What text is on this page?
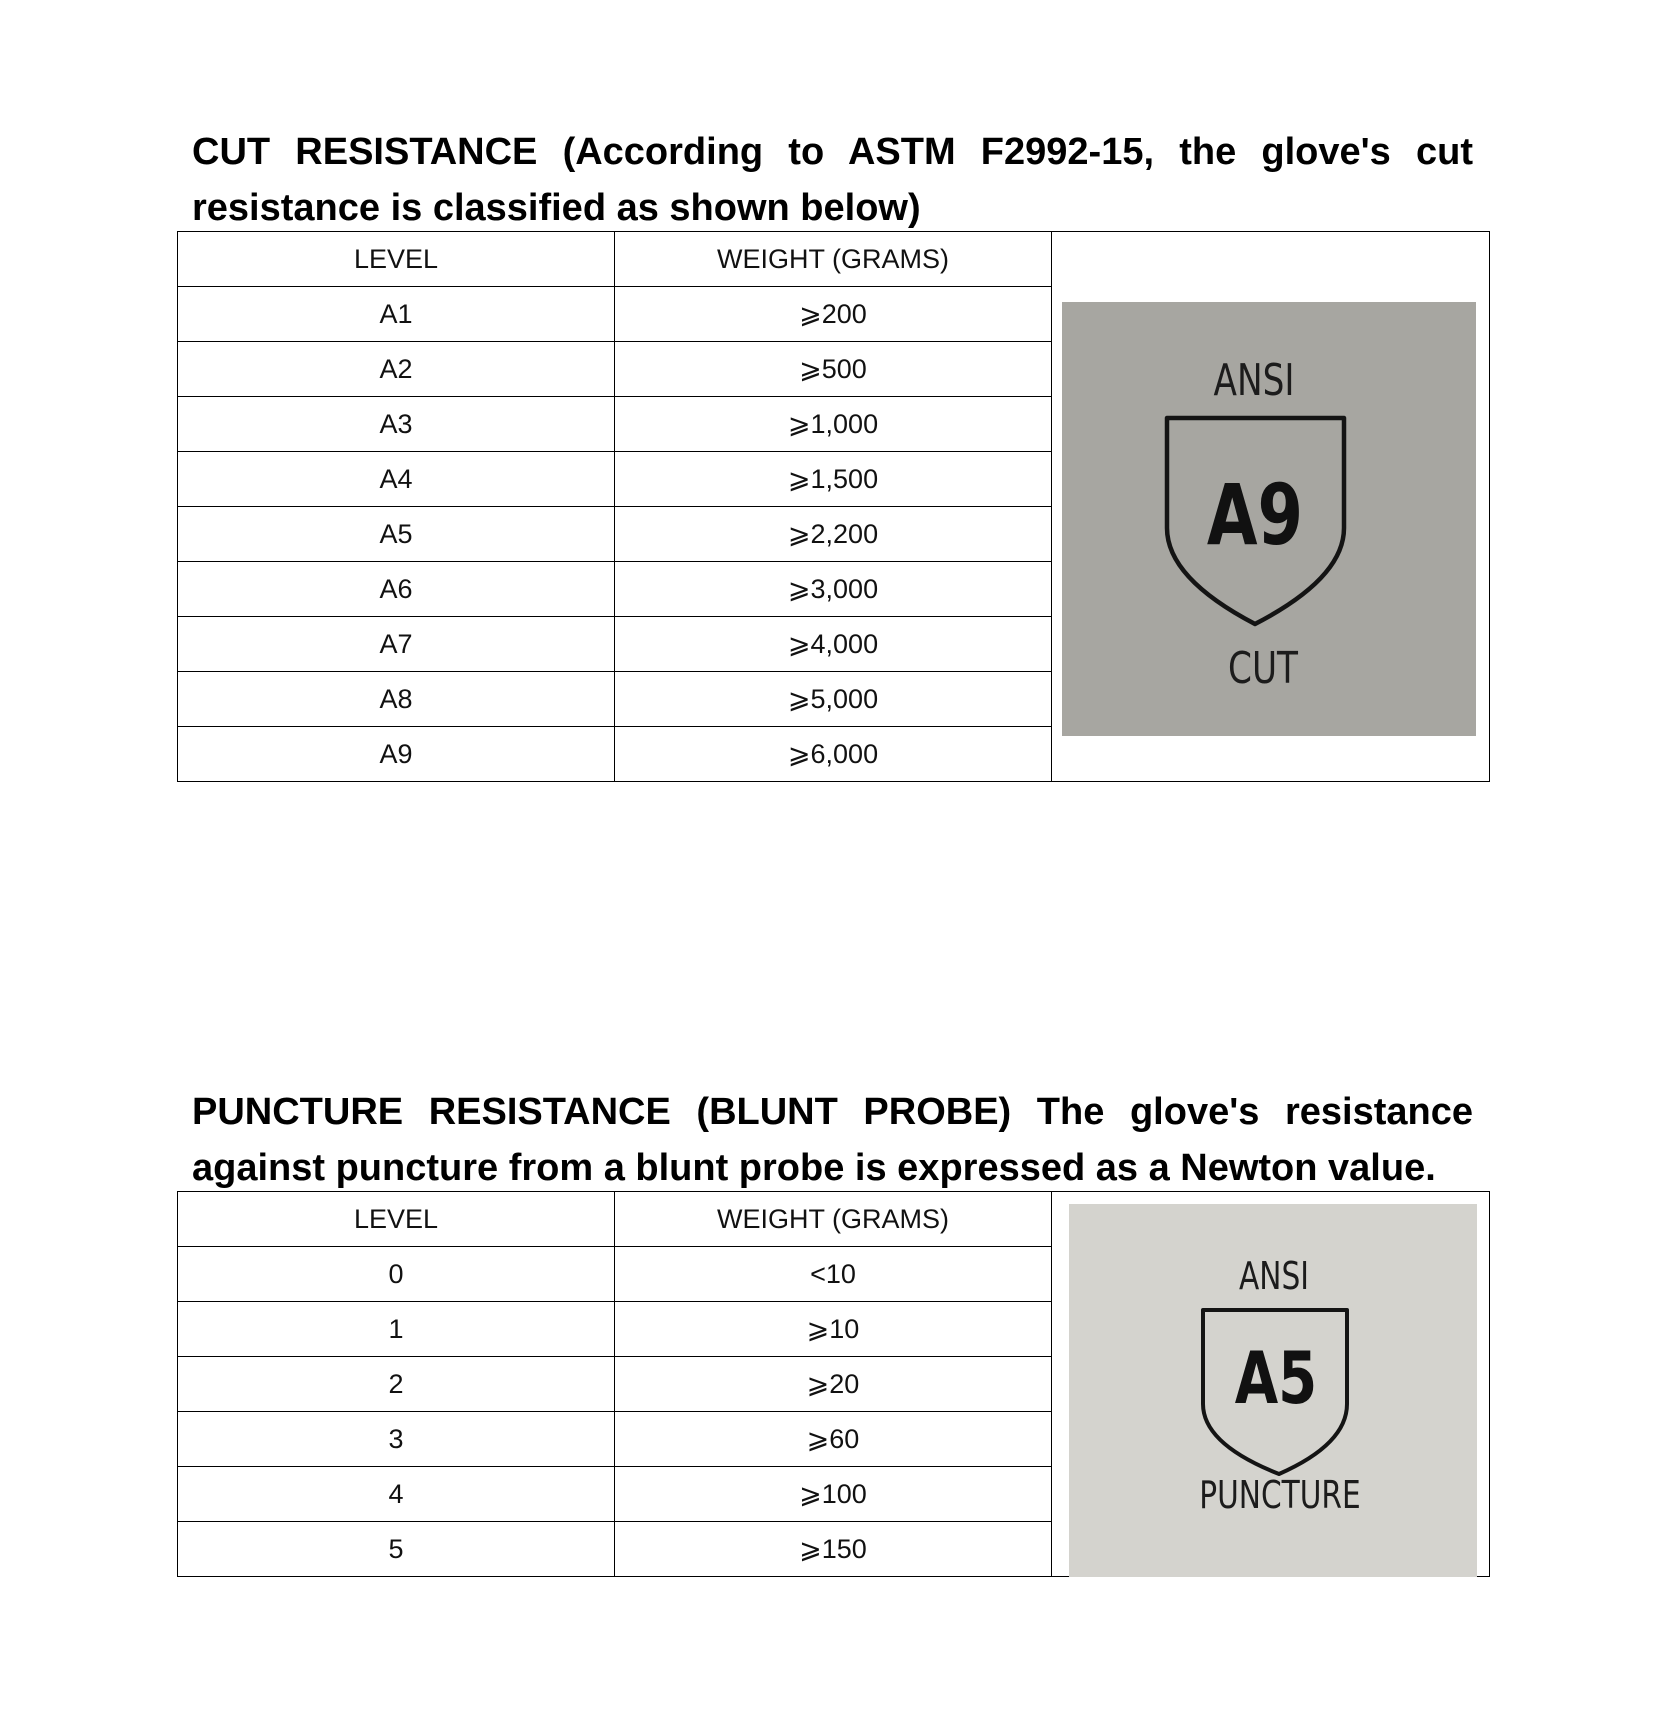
CUT RESISTANCE (According to ASTM F2992-15, the glove's cut resistance is classified as shown below)

LEVEL	WEIGHT (GRAMS)	ANSI
A9
CUT

A1	⩾200	
A2	⩾500	
A3	⩾1,000	
A4	⩾1,500	
A5	⩾2,200	
A6	⩾3,000	
A7	⩾4,000	
A8	⩾5,000	
A9	⩾6,000	

PUNCTURE RESISTANCE (BLUNT PROBE) The glove's resistance against puncture from a blunt probe is expressed as a Newton value.

LEVEL	WEIGHT (GRAMS)	ANSI
A5
PUNCTURE

0	<10	
1	⩾10	
2	⩾20	
3	⩾60	
4	⩾100	
5	⩾150	
